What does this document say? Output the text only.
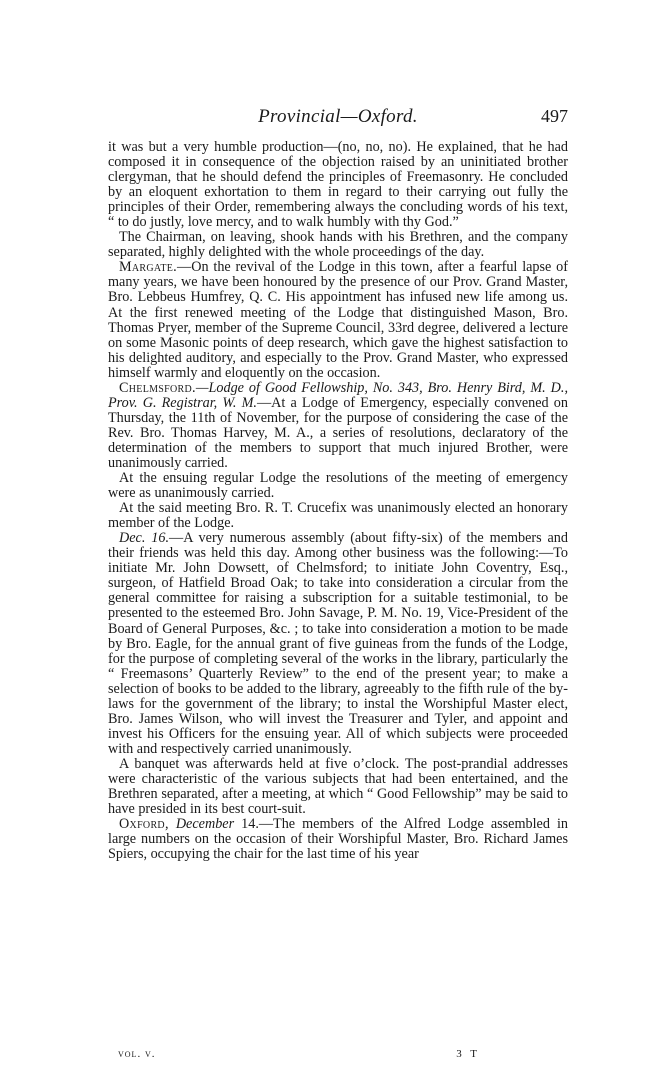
Provincial—Oxford.	497

it was but a very humble production—(no, no, no). He explained, that he had composed it in consequence of the objection raised by an uninitiated brother clergyman, that he should defend the principles of Freemasonry. He concluded by an eloquent exhortation to them in regard to their carrying out fully the principles of their Order, remembering always the concluding words of his text, “ to do justly, love mercy, and to walk humbly with thy God.”

The Chairman, on leaving, shook hands with his Brethren, and the company separated, highly delighted with the whole proceedings of the day.

Margate.—On the revival of the Lodge in this town, after a fearful lapse of many years, we have been honoured by the presence of our Prov. Grand Master, Bro. Lebbeus Humfrey, Q. C. His appointment has infused new life among us. At the first renewed meeting of the Lodge that distinguished Mason, Bro. Thomas Pryer, member of the Supreme Council, 33rd degree, delivered a lecture on some Masonic points of deep research, which gave the highest satisfaction to his delighted auditory, and especially to the Prov. Grand Master, who expressed himself warmly and eloquently on the occasion.

Chelmsford.—Lodge of Good Fellowship, No. 343, Bro. Henry Bird, M. D., Prov. G. Registrar, W. M.—At a Lodge of Emergency, especially convened on Thursday, the 11th of November, for the purpose of considering the case of the Rev. Bro. Thomas Harvey, M. A., a series of resolutions, declaratory of the determination of the members to support that much injured Brother, were unanimously carried.

At the ensuing regular Lodge the resolutions of the meeting of emergency were as unanimously carried.

At the said meeting Bro. R. T. Crucefix was unanimously elected an honorary member of the Lodge.

Dec. 16.—A very numerous assembly (about fifty-six) of the members and their friends was held this day. Among other business was the following:—To initiate Mr. John Dowsett, of Chelmsford; to initiate John Coventry, Esq., surgeon, of Hatfield Broad Oak; to take into consideration a circular from the general committee for raising a subscription for a suitable testimonial, to be presented to the esteemed Bro. John Savage, P. M. No. 19, Vice-President of the Board of General Purposes, &c. ; to take into consideration a motion to be made by Bro. Eagle, for the annual grant of five guineas from the funds of the Lodge, for the purpose of completing several of the works in the library, particularly the “ Freemasons’ Quarterly Review” to the end of the present year; to make a selection of books to be added to the library, agreeably to the fifth rule of the by-laws for the government of the library; to instal the Worshipful Master elect, Bro. James Wilson, who will invest the Treasurer and Tyler, and appoint and invest his Officers for the ensuing year. All of which subjects were proceeded with and respectively carried unanimously.

A banquet was afterwards held at five o’clock. The post-prandial addresses were characteristic of the various subjects that had been entertained, and the Brethren separated, after a meeting, at which “ Good Fellowship” may be said to have presided in its best court-suit.

Oxford, December 14.—The members of the Alfred Lodge assembled in large numbers on the occasion of their Worshipful Master, Bro. Richard James Spiers, occupying the chair for the last time of his year

vol. v.	3 T
